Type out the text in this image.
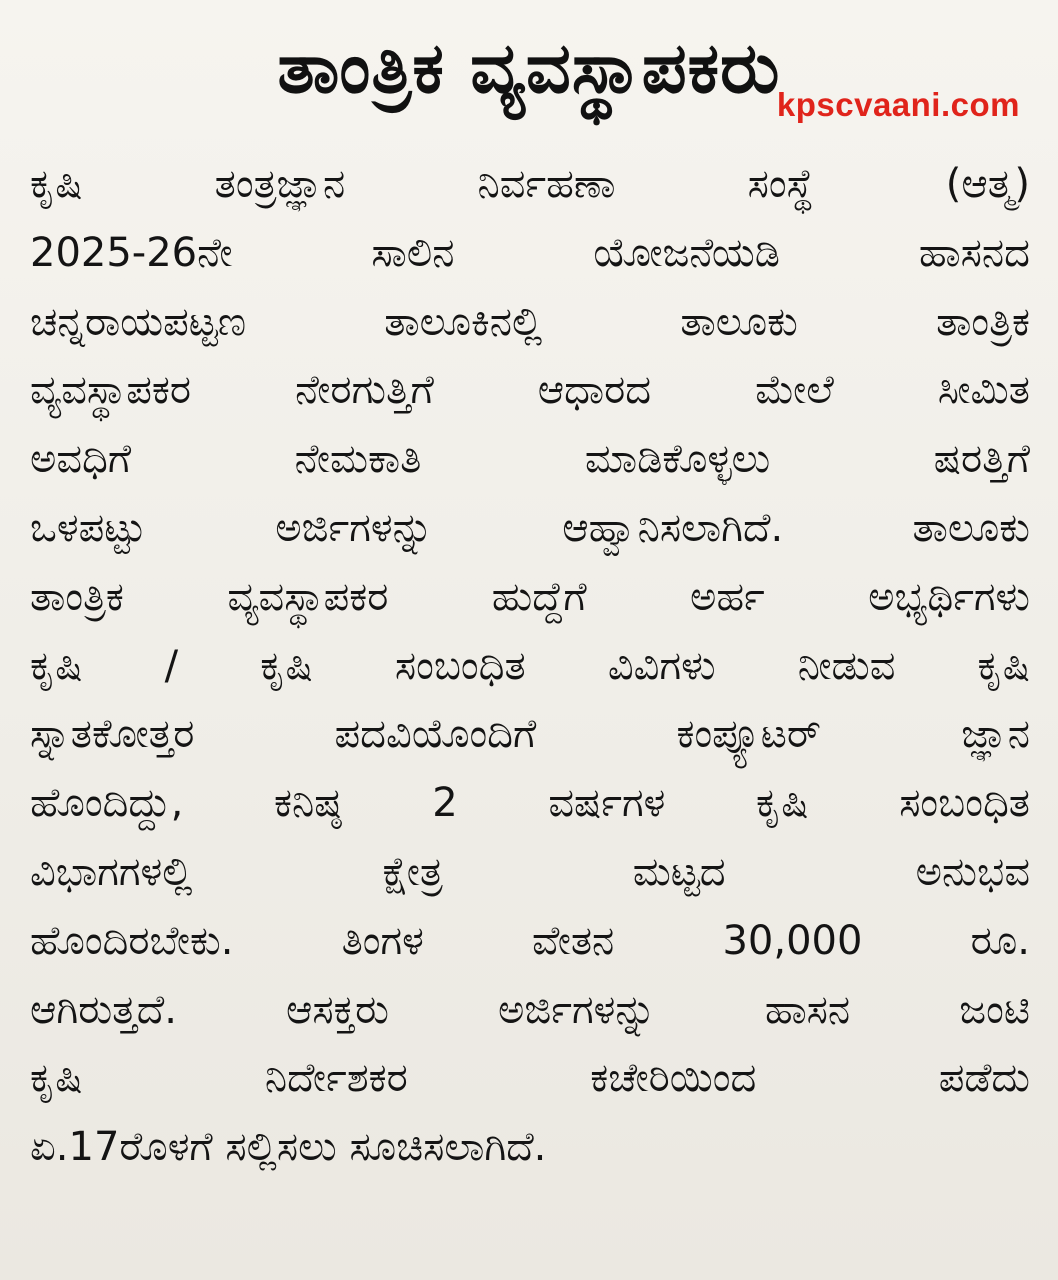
ತಾಂತ್ರಿಕ ವ್ಯವಸ್ಥಾಪಕರು
kpscvaani.com
ಕೃಷಿ ತಂತ್ರಜ್ಞಾನ ನಿರ್ವಹಣಾ ಸಂಸ್ಥೆ (ಆತ್ಮ)
2025-26ನೇ ಸಾಲಿನ ಯೋಜನೆಯಡಿ ಹಾಸನದ
ಚನ್ನರಾಯಪಟ್ಟಣ ತಾಲೂಕಿನಲ್ಲಿ ತಾಲೂಕು ತಾಂತ್ರಿಕ
ವ್ಯವಸ್ಥಾಪಕರ ನೇರಗುತ್ತಿಗೆ ಆಧಾರದ ಮೇಲೆ ಸೀಮಿತ
ಅವಧಿಗೆ ನೇಮಕಾತಿ ಮಾಡಿಕೊಳ್ಳಲು ಷರತ್ತಿಗೆ
ಒಳಪಟ್ಟು ಅರ್ಜಿಗಳನ್ನು ಆಹ್ವಾನಿಸಲಾಗಿದೆ. ತಾಲೂಕು
ತಾಂತ್ರಿಕ ವ್ಯವಸ್ಥಾಪಕರ ಹುದ್ದೆಗೆ ಅರ್ಹ ಅಭ್ಯರ್ಥಿಗಳು
ಕೃಷಿ / ಕೃಷಿ ಸಂಬಂಧಿತ ವಿವಿಗಳು ನೀಡುವ ಕೃಷಿ
ಸ್ನಾತಕೋತ್ತರ ಪದವಿಯೊಂದಿಗೆ ಕಂಪ್ಯೂಟರ್ ಜ್ಞಾನ
ಹೊಂದಿದ್ದು, ಕನಿಷ್ಠ 2 ವರ್ಷಗಳ ಕೃಷಿ ಸಂಬಂಧಿತ
ವಿಭಾಗಗಳಲ್ಲಿ ಕ್ಷೇತ್ರ ಮಟ್ಟದ ಅನುಭವ
ಹೊಂದಿರಬೇಕು. ತಿಂಗಳ ವೇತನ 30,000 ರೂ.
ಆಗಿರುತ್ತದೆ. ಆಸಕ್ತರು ಅರ್ಜಿಗಳನ್ನು ಹಾಸನ ಜಂಟಿ
ಕೃಷಿ ನಿರ್ದೇಶಕರ ಕಚೇರಿಯಿಂದ ಪಡೆದು
ಏ.17ರೊಳಗೆ ಸಲ್ಲಿಸಲು ಸೂಚಿಸಲಾಗಿದೆ.
